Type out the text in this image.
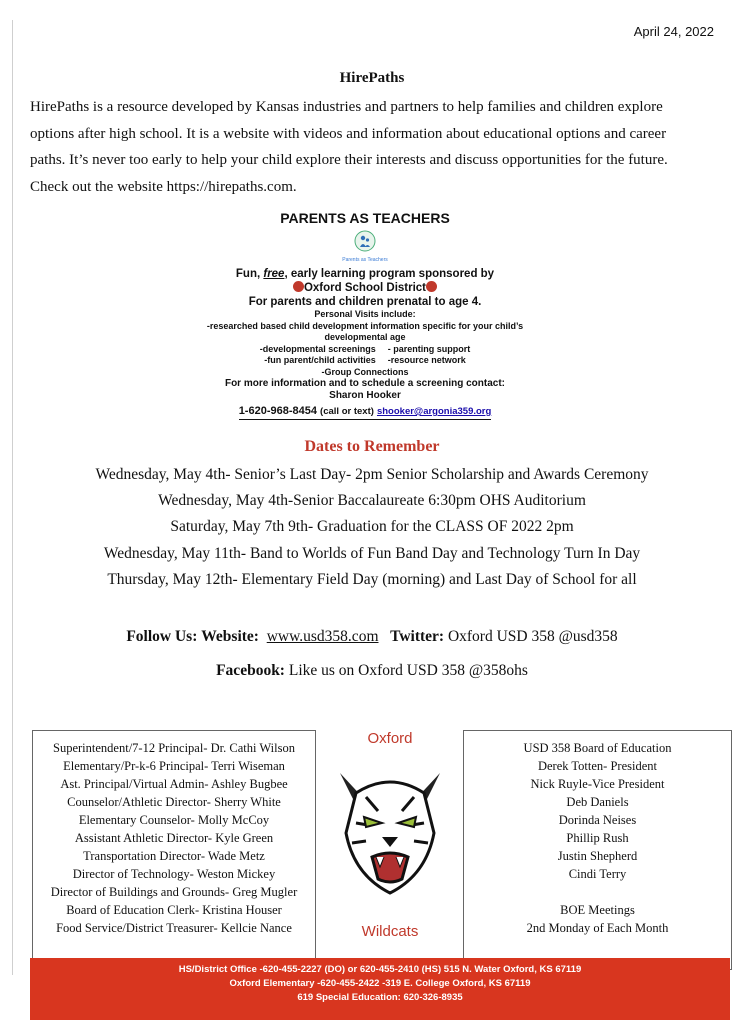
April 24, 2022
HirePaths
HirePaths is a resource developed by Kansas industries and partners to help families and children explore options after high school. It is a website with videos and information about educational options and career paths. It’s never too early to help your child explore their interests and discuss opportunities for the future. Check out the website https://hirepaths.com.
PARENTS AS TEACHERS
Parents as Teachers
Fun, free, early learning program sponsored by
Oxford School District
For parents and children prenatal to age 4.
Personal Visits include:
-researched based child development information specific for your child’s developmental age
-developmental screenings - parenting support
-fun parent/child activities -resource network
-Group Connections
For more information and to schedule a screening contact:
Sharon Hooker
1-620-968-8454 (call or text) shooker@argonia359.org
Dates to Remember
Wednesday, May 4th- Senior’s Last Day- 2pm Senior Scholarship and Awards Ceremony
Wednesday, May 4th-Senior Baccalaureate 6:30pm OHS Auditorium
Saturday, May 7th 9th- Graduation for the CLASS OF 2022 2pm
Wednesday, May 11th- Band to Worlds of Fun Band Day and Technology Turn In Day
Thursday, May 12th- Elementary Field Day (morning) and Last Day of School for all
Follow Us: Website: www.usd358.com Twitter: Oxford USD 358 @usd358
Facebook: Like us on Oxford USD 358 @358ohs
Superintendent/7-12 Principal- Dr. Cathi Wilson
Elementary/Pr-k-6 Principal- Terri Wiseman
Ast. Principal/Virtual Admin- Ashley Bugbee
Counselor/Athletic Director- Sherry White
Elementary Counselor- Molly McCoy
Assistant Athletic Director- Kyle Green
Transportation Director- Wade Metz
Director of Technology- Weston Mickey
Director of Buildings and Grounds- Greg Mugler
Board of Education Clerk- Kristina Houser
Food Service/District Treasurer- Kellcie Nance
Oxford
Wildcats
USD 358 Board of Education
Derek Totten- President
Nick Ruyle-Vice President
Deb Daniels
Dorinda Neises
Phillip Rush
Justin Shepherd
Cindi Terry
BOE Meetings
2nd Monday of Each Month
HS/District Office -620-455-2227 (DO) or 620-455-2410 (HS) 515 N. Water Oxford, KS 67119
Oxford Elementary -620-455-2422 -319 E. College Oxford, KS 67119
619 Special Education: 620-326-8935
